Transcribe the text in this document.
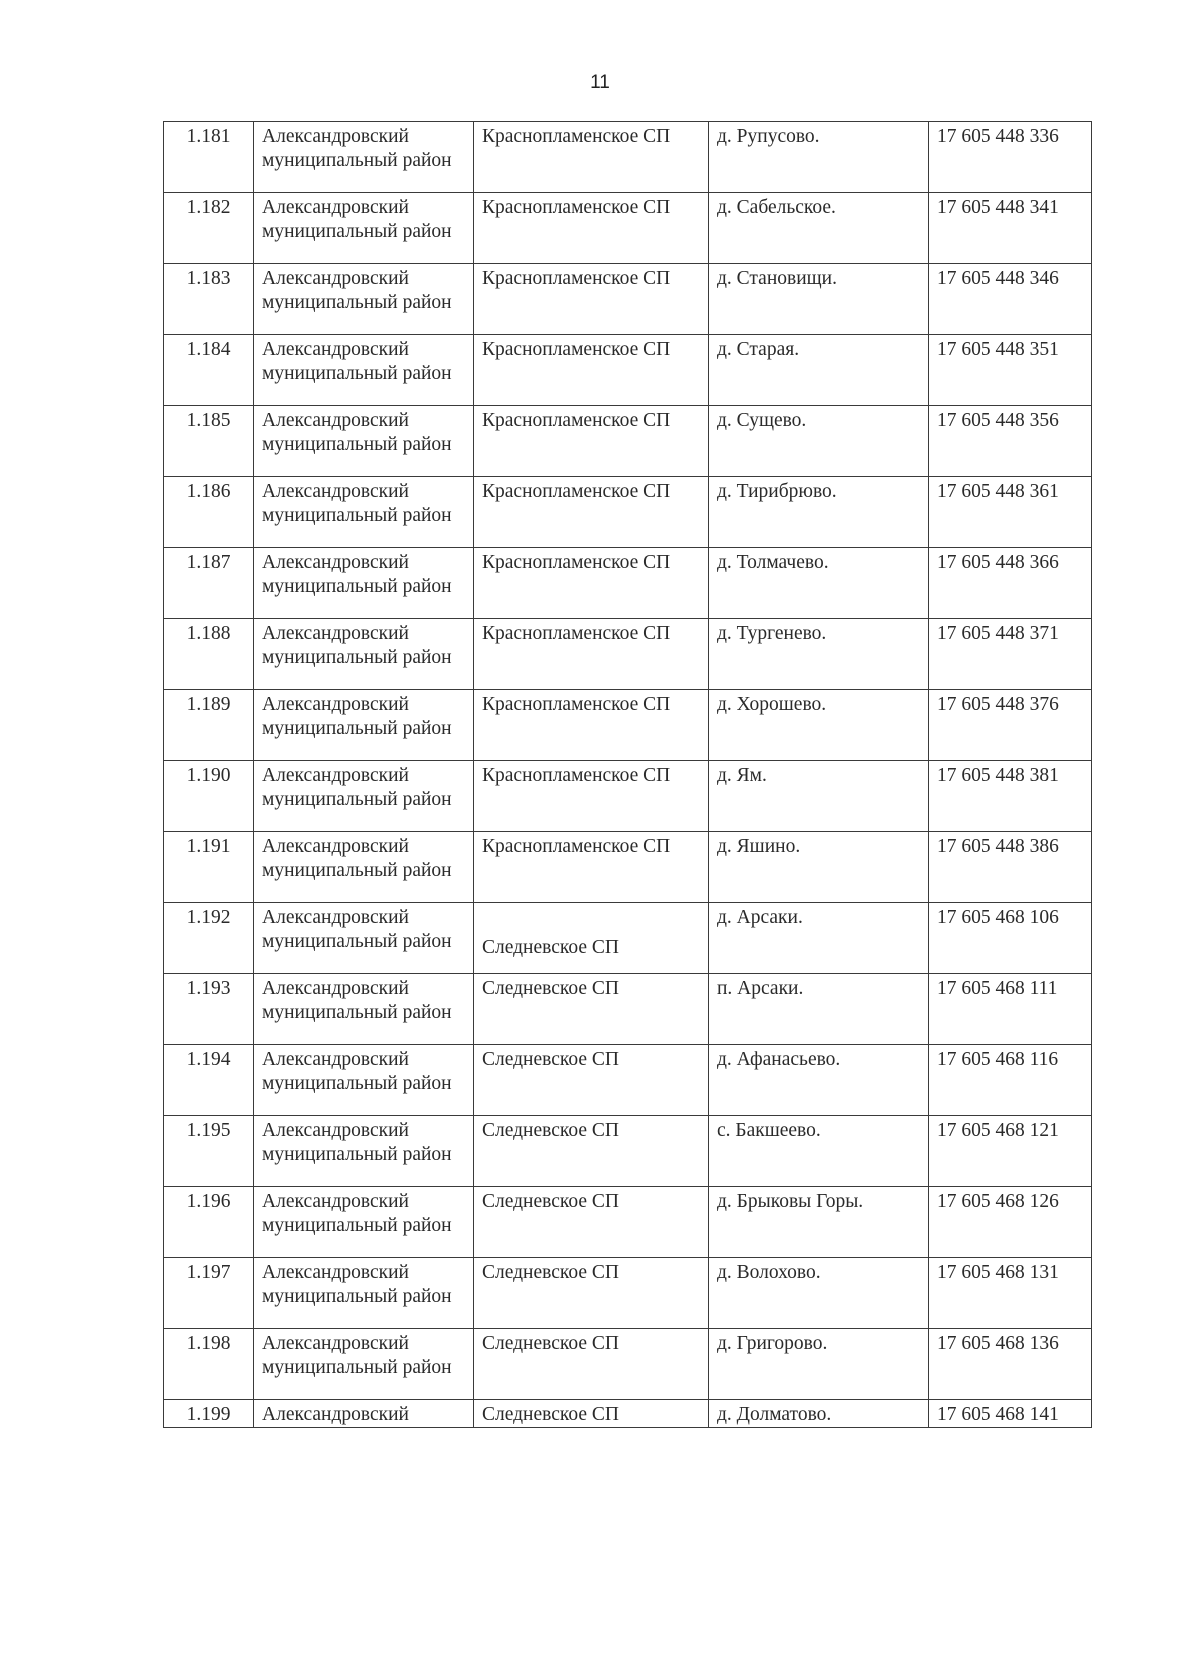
11
1.181	Александровский муниципальный район	Краснопламенское СП	д. Рупусово.	17 605 448 336
1.182	Александровский муниципальный район	Краснопламенское СП	д. Сабельское.	17 605 448 341
1.183	Александровский муниципальный район	Краснопламенское СП	д. Становищи.	17 605 448 346
1.184	Александровский муниципальный район	Краснопламенское СП	д. Старая.	17 605 448 351
1.185	Александровский муниципальный район	Краснопламенское СП	д. Сущево.	17 605 448 356
1.186	Александровский муниципальный район	Краснопламенское СП	д. Тирибрюво.	17 605 448 361
1.187	Александровский муниципальный район	Краснопламенское СП	д. Толмачево.	17 605 448 366
1.188	Александровский муниципальный район	Краснопламенское СП	д. Тургенево.	17 605 448 371
1.189	Александровский муниципальный район	Краснопламенское СП	д. Хорошево.	17 605 448 376
1.190	Александровский муниципальный район	Краснопламенское СП	д. Ям.	17 605 448 381
1.191	Александровский муниципальный район	Краснопламенское СП	д. Яшино.	17 605 448 386
1.192	Александровский муниципальный район	Следневское СП	д. Арсаки.	17 605 468 106
1.193	Александровский муниципальный район	Следневское СП	п. Арсаки.	17 605 468 111
1.194	Александровский муниципальный район	Следневское СП	д. Афанасьево.	17 605 468 116
1.195	Александровский муниципальный район	Следневское СП	с. Бакшеево.	17 605 468 121
1.196	Александровский муниципальный район	Следневское СП	д. Брыковы Горы.	17 605 468 126
1.197	Александровский муниципальный район	Следневское СП	д. Волохово.	17 605 468 131
1.198	Александровский муниципальный район	Следневское СП	д. Григорово.	17 605 468 136
1.199	Александровский	Следневское СП	д. Долматово.	17 605 468 141
